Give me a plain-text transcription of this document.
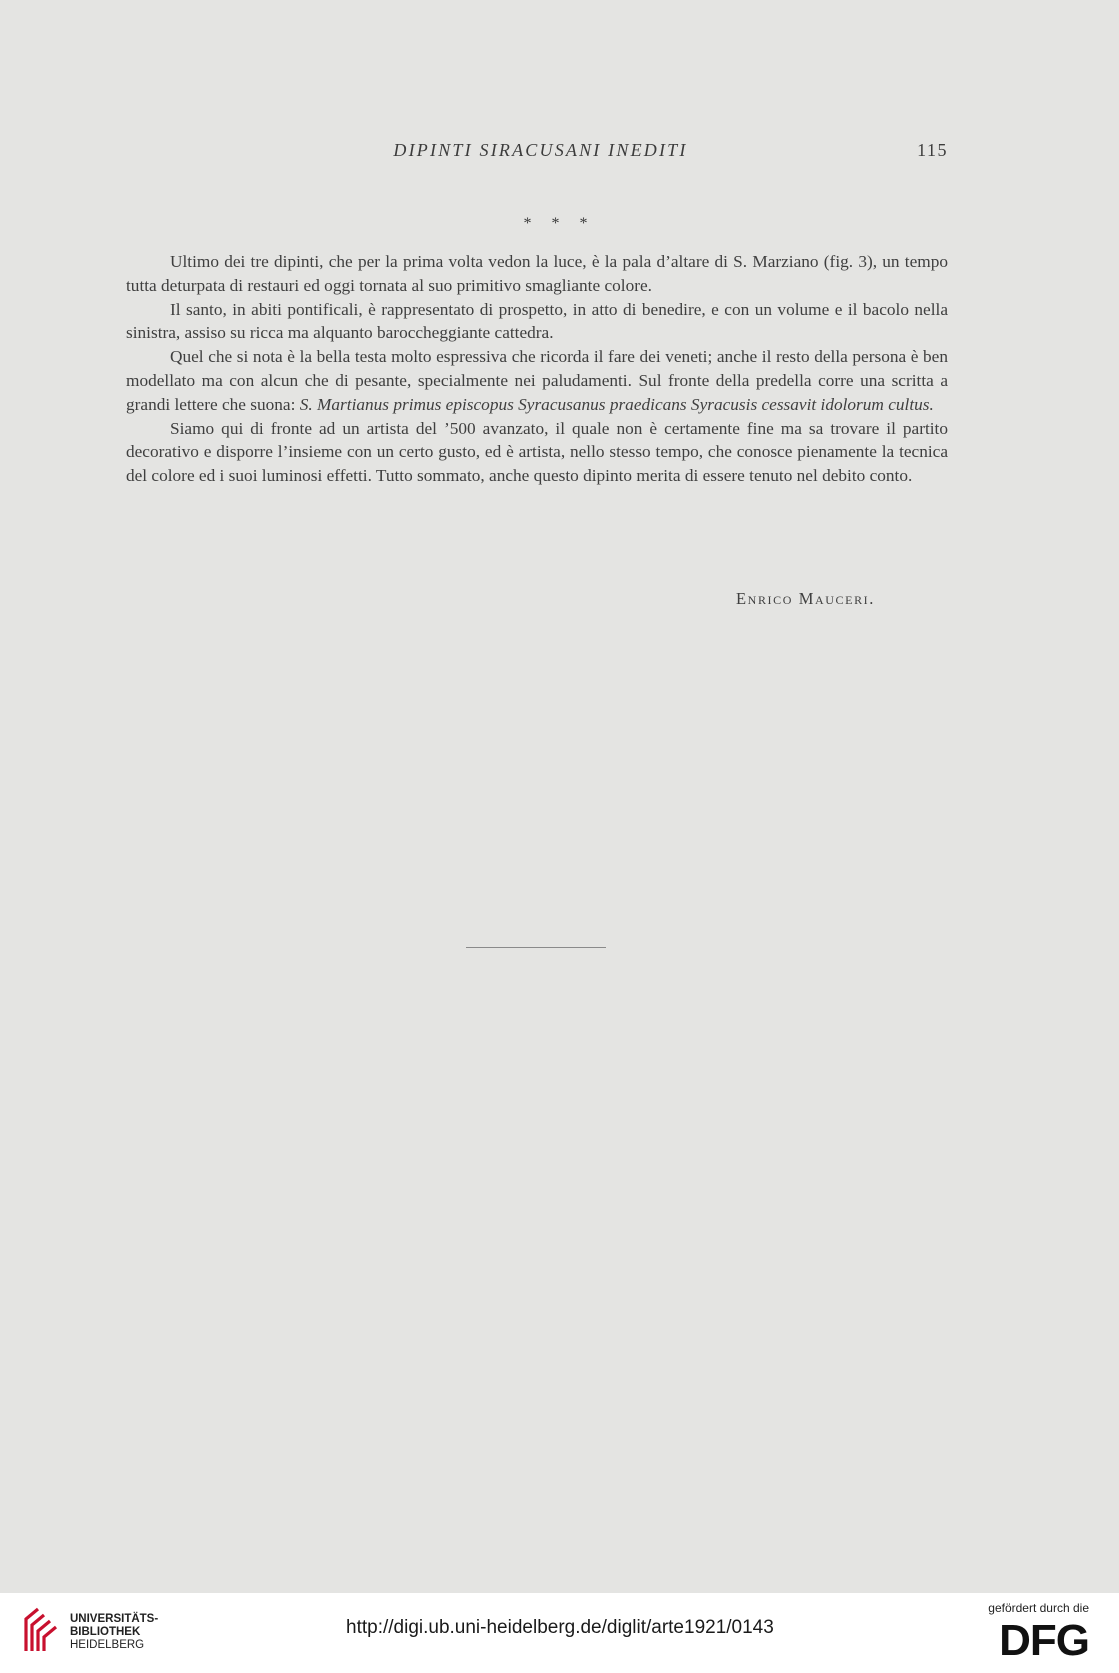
DIPINTI SIRACUSANI INEDITI	115
* * *

Ultimo dei tre dipinti, che per la prima volta vedon la luce, è la pala d’altare di S. Marziano (fig. 3), un tempo tutta deturpata di restauri ed oggi tornata al suo primitivo smagliante colore.

Il santo, in abiti pontificali, è rappresentato di prospetto, in atto di benedire, e con un volume e il bacolo nella sinistra, assiso su ricca ma alquanto baroccheggiante cattedra.

Quel che si nota è la bella testa molto espressiva che ricorda il fare dei veneti; anche il resto della persona è ben modellato ma con alcun che di pesante, specialmente nei paludamenti. Sul fronte della predella corre una scritta a grandi lettere che suona: S. Martianus primus episcopus Syracusanus praedicans Syracusis cessavit idolorum cultus.

Siamo qui di fronte ad un artista del ’500 avanzato, il quale non è certamente fine ma sa trovare il partito decorativo e disporre l’insieme con un certo gusto, ed è artista, nello stesso tempo, che conosce pienamente la tecnica del colore ed i suoi luminosi effetti. Tutto sommato, anche questo dipinto merita di essere tenuto nel debito conto.

Enrico Mauceri.
UNIVERSITÄTS-
BIBLIOTHEK
HEIDELBERG
http://digi.ub.uni-heidelberg.de/diglit/arte1921/0143
gefördert durch die
DFG
